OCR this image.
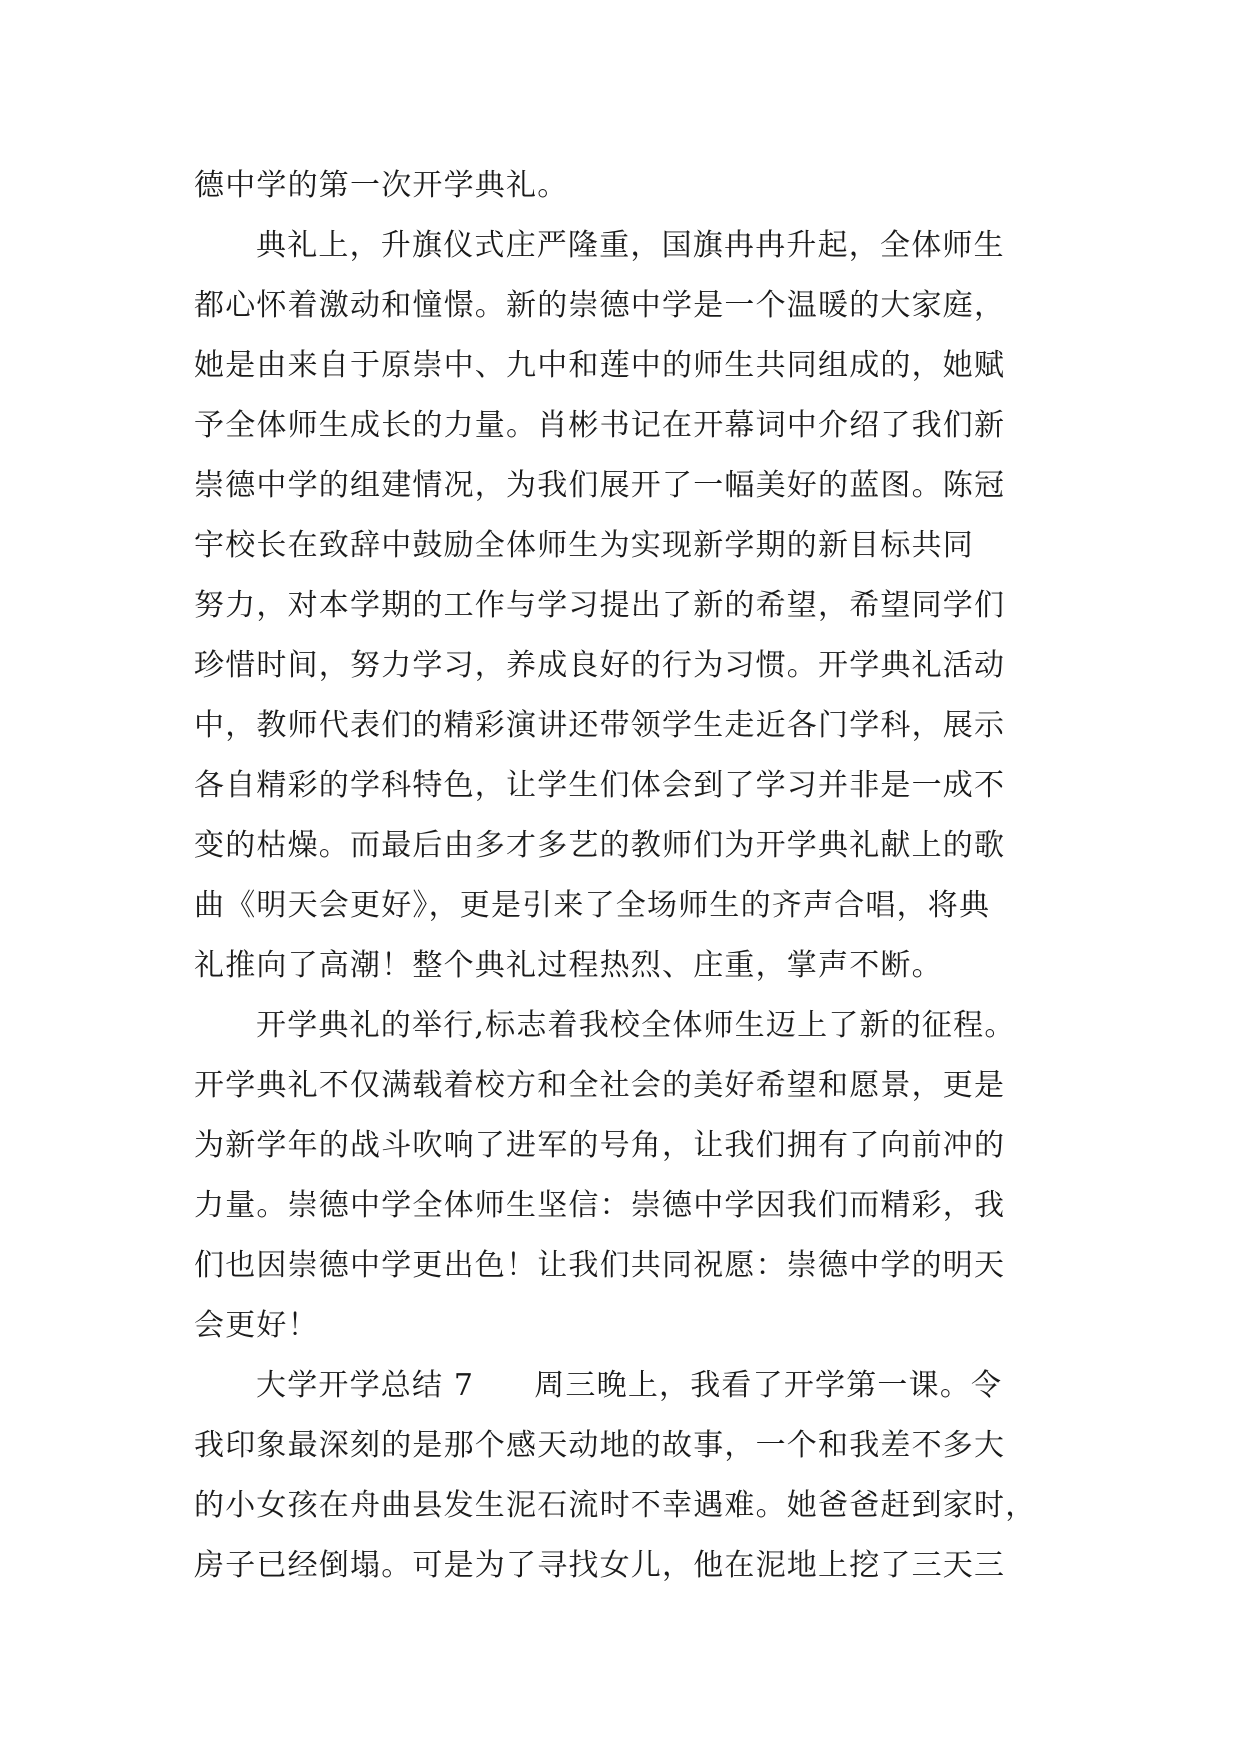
德中学的第一次开学典礼。
典礼上，升旗仪式庄严隆重，国旗冉冉升起，全体师生
都心怀着激动和憧憬。新的崇德中学是一个温暖的大家庭，
她是由来自于原崇中、九中和莲中的师生共同组成的，她赋
予全体师生成长的力量。肖彬书记在开幕词中介绍了我们新
崇德中学的组建情况，为我们展开了一幅美好的蓝图。陈冠
宇校长在致辞中鼓励全体师生为实现新学期的新目标共同
努力，对本学期的工作与学习提出了新的希望，希望同学们
珍惜时间，努力学习，养成良好的行为习惯。开学典礼活动
中，教师代表们的精彩演讲还带领学生走近各门学科，展示
各自精彩的学科特色，让学生们体会到了学习并非是一成不
变的枯燥。而最后由多才多艺的教师们为开学典礼献上的歌
曲《明天会更好》，更是引来了全场师生的齐声合唱，将典
礼推向了高潮！整个典礼过程热烈、庄重，掌声不断。
开学典礼的举行,标志着我校全体师生迈上了新的征程。
开学典礼不仅满载着校方和全社会的美好希望和愿景，更是
为新学年的战斗吹响了进军的号角，让我们拥有了向前冲的
力量。崇德中学全体师生坚信：崇德中学因我们而精彩，我
们也因崇德中学更出色！让我们共同祝愿：崇德中学的明天
会更好！
大学开学总结 7 周三晚上，我看了开学第一课。令
我印象最深刻的是那个感天动地的故事，一个和我差不多大
的小女孩在舟曲县发生泥石流时不幸遇难。她爸爸赶到家时，
房子已经倒塌。可是为了寻找女儿，他在泥地上挖了三天三
